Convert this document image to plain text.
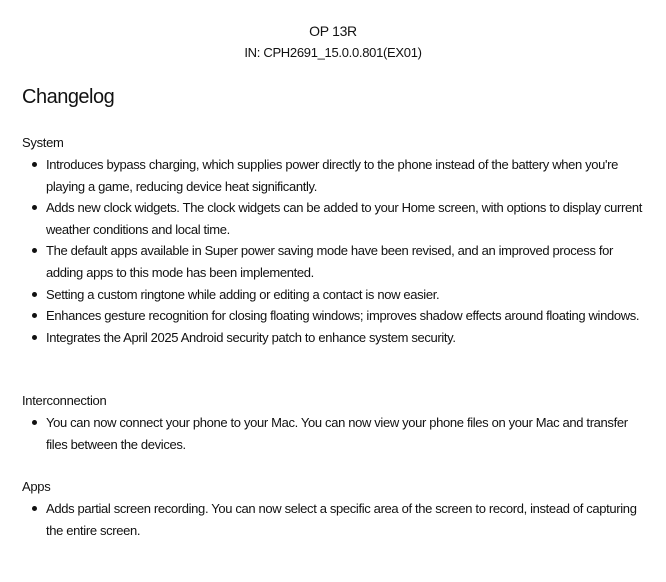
OP 13R
IN: CPH2691_15.0.0.801(EX01)
Changelog
System
Introduces bypass charging, which supplies power directly to the phone instead of the battery when you're playing a game, reducing device heat significantly.
Adds new clock widgets. The clock widgets can be added to your Home screen, with options to display current weather conditions and local time.
The default apps available in Super power saving mode have been revised, and an improved process for adding apps to this mode has been implemented.
Setting a custom ringtone while adding or editing a contact is now easier.
Enhances gesture recognition for closing floating windows; improves shadow effects around floating windows.
Integrates the April 2025 Android security patch to enhance system security.
Interconnection
You can now connect your phone to your Mac. You can now view your phone files on your Mac and transfer files between the devices.
Apps
Adds partial screen recording. You can now select a specific area of the screen to record, instead of capturing the entire screen.
